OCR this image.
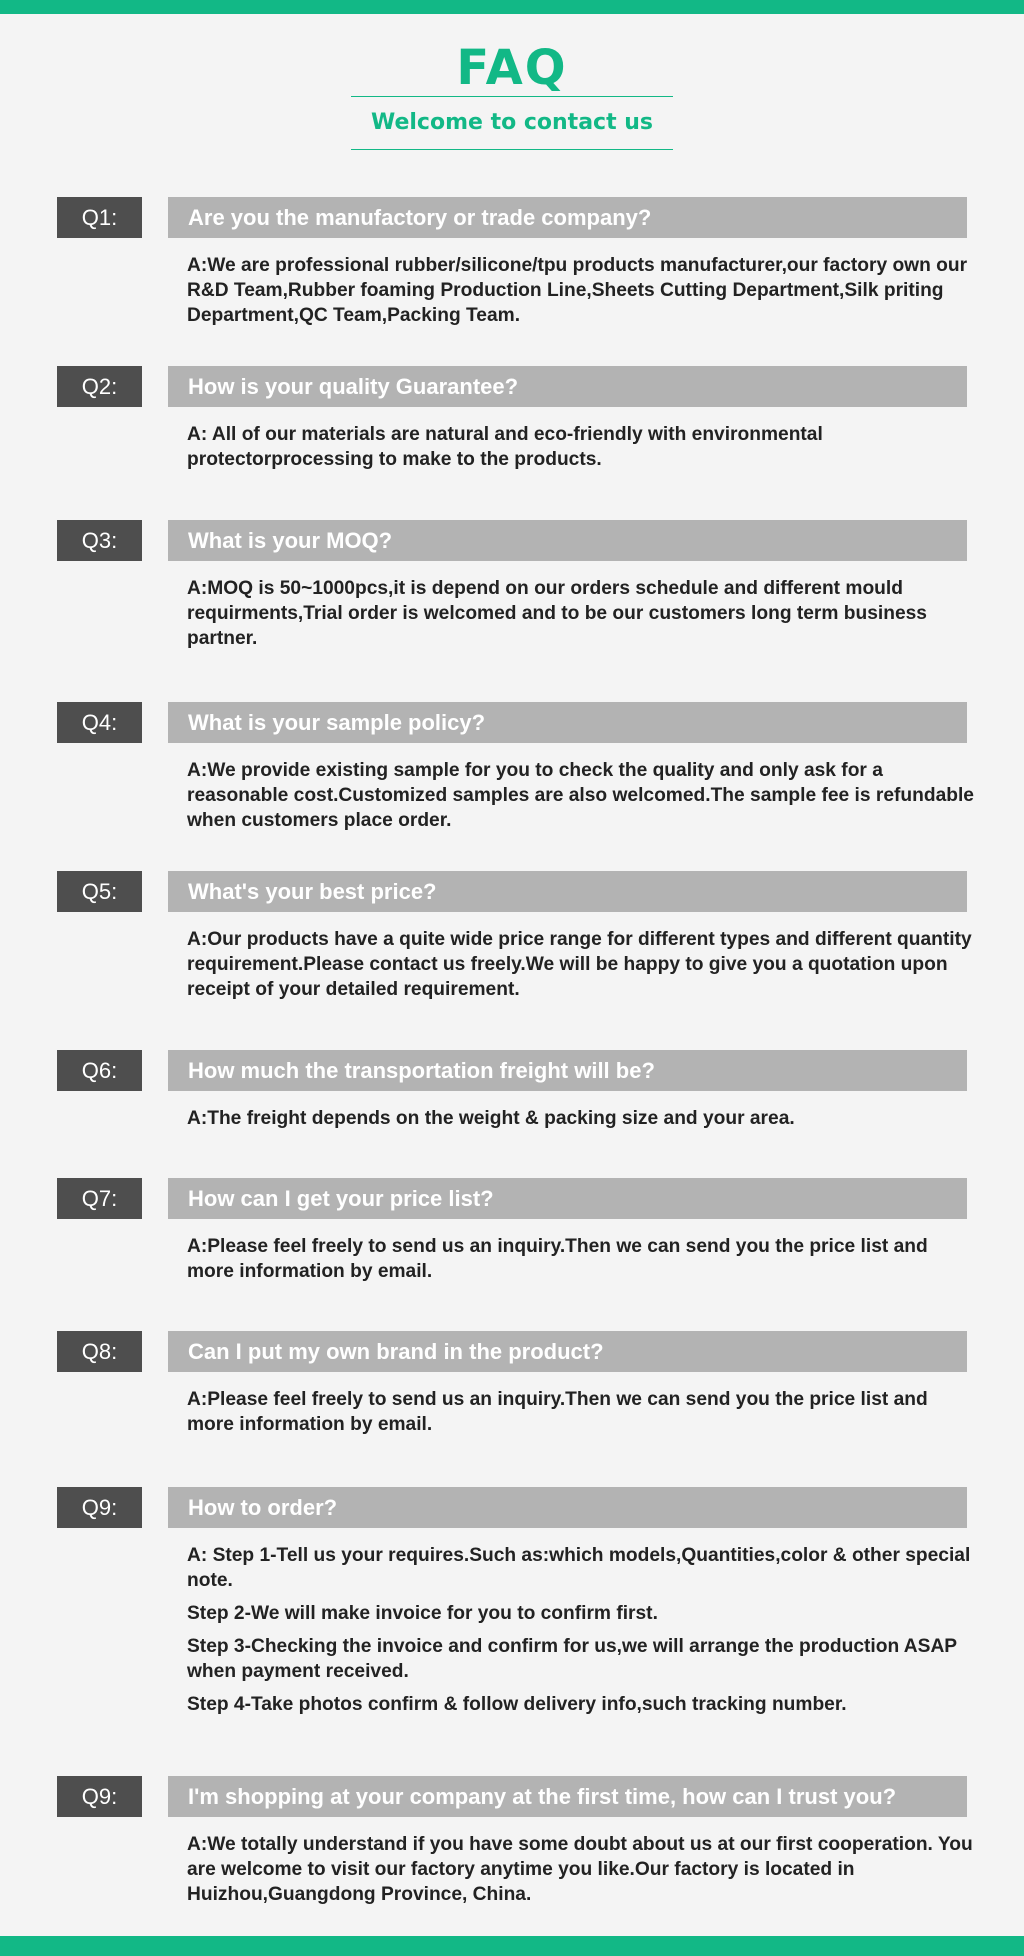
FAQ

Welcome to contact us

Q1:	Are you the manufactory or trade company?

A:We are professional rubber/silicone/tpu products manufacturer,our factory own our R&D Team,Rubber foaming Production Line,Sheets Cutting Department,Silk priting Department,QC Team,Packing Team.

Q2:	How is your quality Guarantee?

A: All of our materials are natural and eco-friendly with environmental protectorprocessing to make to the products.

Q3:	What is your MOQ?

A:MOQ is 50~1000pcs,it is depend on our orders schedule and different mould requirments,Trial order is welcomed and to be our customers long term business partner.

Q4:	What is your sample policy?

A:We provide existing sample for you to check the quality and only ask for a reasonable cost.Customized samples are also welcomed.The sample fee is refundable when customers place order.

Q5:	What's your best price?

A:Our products have a quite wide price range for different types and different quantity requirement.Please contact us freely.We will be happy to give you a quotation upon receipt of your detailed requirement.

Q6:	How much the transportation freight will be?

A:The freight depends on the weight & packing size and your area.

Q7:	How can I get your price list?

A:Please feel freely to send us an inquiry.Then we can send you the price list and more information by email.

Q8:	Can I put my own brand in the product?

A:Please feel freely to send us an inquiry.Then we can send you the price list and more information by email.

Q9:	How to order?

A: Step 1-Tell us your requires.Such as:which models,Quantities,color & other special note.

Step 2-We will make invoice for you to confirm first.

Step 3-Checking the invoice and confirm for us,we will arrange the production ASAP when payment received.

Step 4-Take photos confirm & follow delivery info,such tracking number.

Q9:	I'm shopping at your company at the first time, how can I trust you?

A:We totally understand if you have some doubt about us at our first cooperation. You are welcome to visit our factory anytime you like.Our factory is located in Huizhou,Guangdong Province, China.
